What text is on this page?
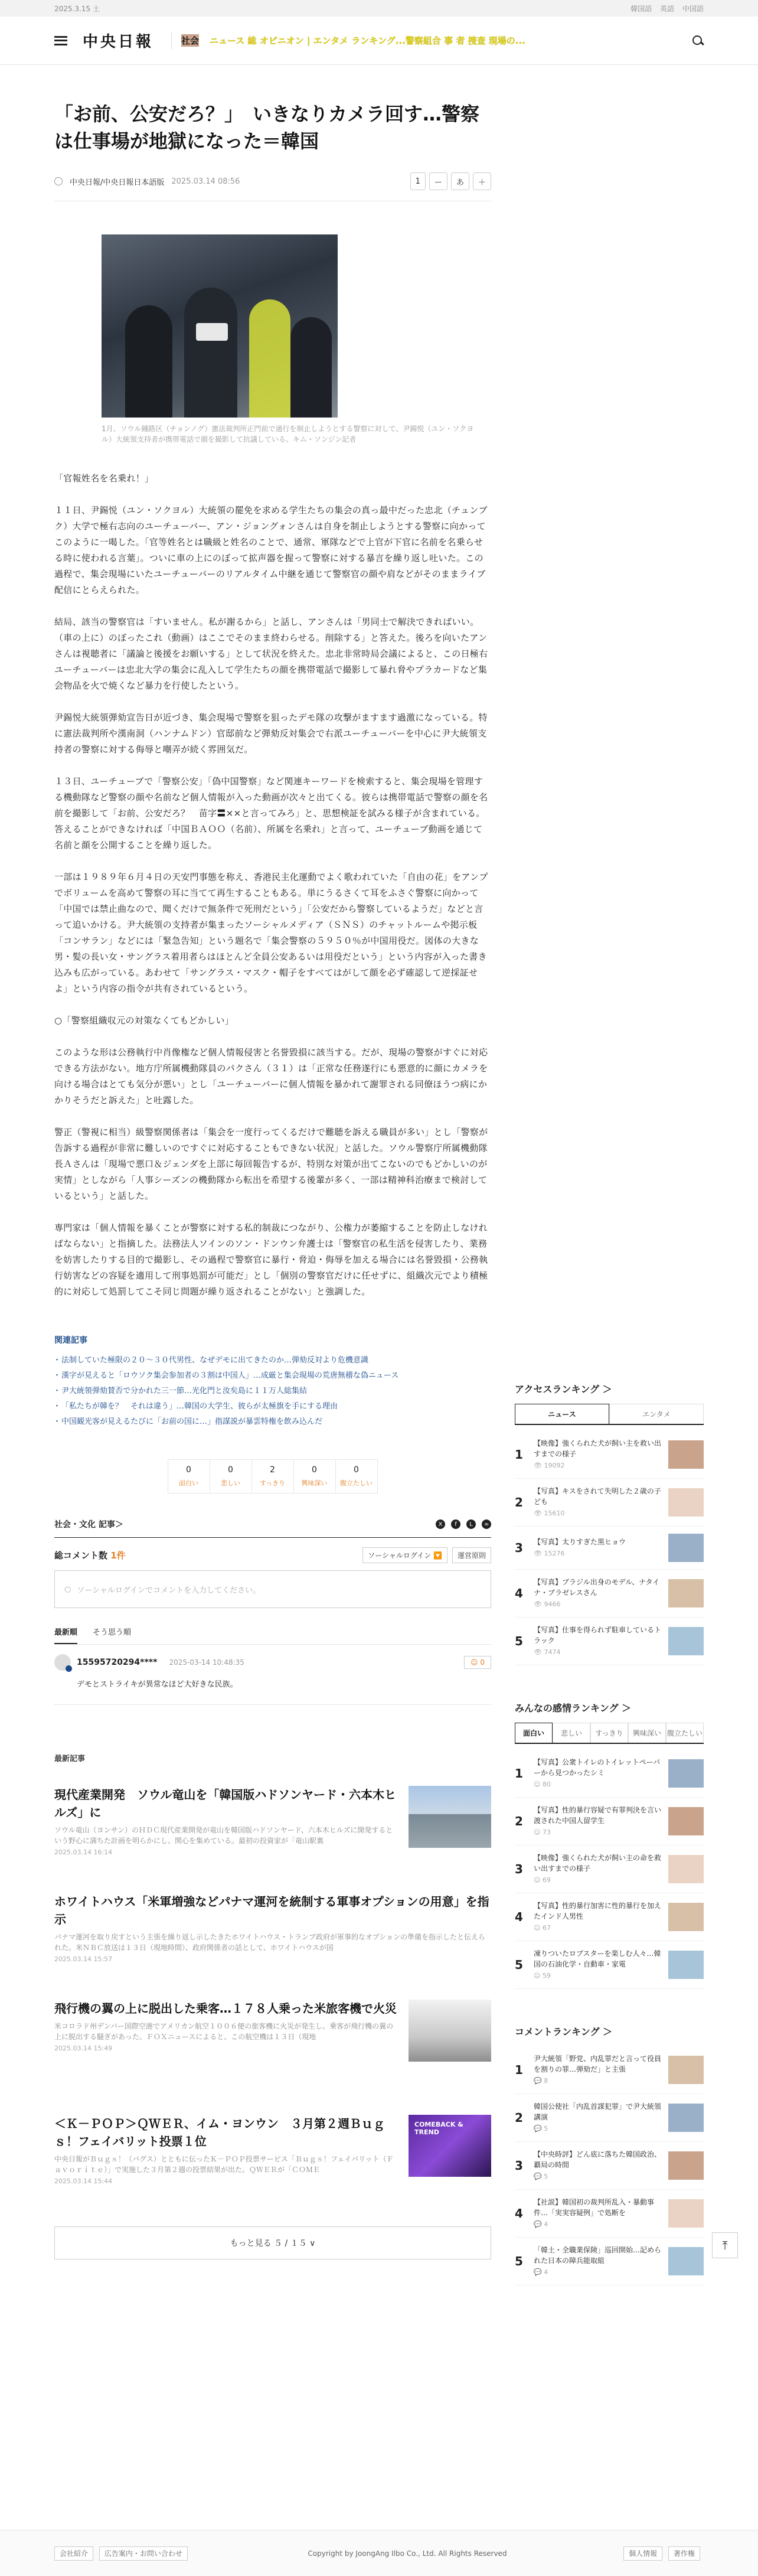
2025.3.15 土	韓国語 英語 中国語
中央日報	社会 ニュース 総 オピニオン | エンタメ ランキング...警察組合 事 者 捜査 現場の...
「お前、公安だろ？」　いきなりカメラ回す…警察は仕事場が地獄になった＝韓国
中央日報/中央日報日本語版 2025.03.14 08:56	1	ー	あ	＋

1月、ソウル鍾路区（チョンノグ）憲法裁判所正門前で通行を制止しようとする警察に対して、尹錫悦（ユン・ソクヨル）大統領支持者が携帯電話で顔を撮影して抗議している。キム・ソンジン記者

「官報姓名を名乗れ！」

１１日、尹錫悦（ユン・ソクヨル）大統領の罷免を求める学生たちの集会の真っ最中だった忠北（チュンブク）大学で極右志向のユーチューバー、アン・ジョングォンさんは自身を制止しようとする警察に向かってこのように一喝した。「官等姓名とは職級と姓名のことで、通常、軍隊などで上官が下官に名前を名乗らせる時に使われる言葉」。ついに車の上にのぼって拡声器を握って警察に対する暴言を繰り返し吐いた。この過程で、集会現場にいたユーチューバーのリアルタイム中継を通じて警察官の顔や肩などがそのままライブ配信にとらえられた。

結局、該当の警察官は「すいません。私が謝るから」と話し、アンさんは「男同士で解決できればいい。（車の上に）のぼったこれ（動画）はここでそのまま終わらせる。削除する」と答えた。後ろを向いたアンさんは視聴者に「議論と後援をお願いする」として状況を終えた。忠北非常時局会議によると、この日極右ユーチューバーは忠北大学の集会に乱入して学生たちの顔を携帯電話で撮影して暴れ脅やプラカードなど集会物品を火で焼くなど暴力を行使したという。

尹錫悦大統領弾劾宣告日が近づき、集会現場で警察を狙ったデモ隊の攻撃がますます過激になっている。特に憲法裁判所や漢南洞（ハンナムドン）官邸前など弾劾反対集会で右派ユーチューバーを中心に尹大統領支持者の警察に対する侮辱と嘲弄が続く雰囲気だ。

１３日、ユーチューブで「警察公安」「偽中国警察」など関連キーワードを検索すると、集会現場を管理する機動隊など警察の顔や名前など個人情報が入った動画が次々と出てくる。彼らは携帯電話で警察の顔を名前を撮影して「お前、公安だろ？　苗字〓××と言ってみろ」と、思想検証を試みる様子が含まれている。答えることができなければ「中国ＢＡＯＯ（名前）、所属を名乗れ」と言って、ユーチューブ動画を通じて名前と顔を公開することを繰り返した。

一部は１９８９年６月４日の天安門事態を称え、香港民主化運動でよく歌われていた「自由の花」をアンプでボリュームを高めて警察の耳に当てて再生することもある。単にうるさくて耳をふさぐ警察に向かって「中国では禁止曲なので、聞くだけで無条件で死刑だという」「公安だから警察しているようだ」などと言って追いかける。尹大統領の支持者が集まったソーシャルメディア（ＳＮＳ）のチャットルームや掲示板「コンサラン」などには「緊急告知」という題名で「集会警察の５９５０％が中国用役だ。図体の大きな男・髪の長い女・サングラス着用者らはほとんど全員公安あるいは用役だという」という内容が入った書き込みも広がっている。あわせて「サングラス・マスク・帽子をすべてはがして顔を必ず確認して逆採証せよ」という内容の指令が共有されているという。

○「警察組織収元の対策なくてもどかしい」

このような形は公務執行中肖像権など個人情報侵害と名誉毀損に該当する。だが、現場の警察がすぐに対応できる方法がない。地方庁所属機動隊員のパクさん（３１）は「正常な任務遂行にも悪意的に顔にカメラを向ける場合はとても気分が悪い」とし「ユーチューバーに個人情報を暴かれて謝罪される同僚ほうつ病にかかりそうだと訴えた」と吐露した。

警正（警視に相当）級警察関係者は「集会を一度行ってくるだけで難聴を訴える職員が多い」とし「警察が告訴する過程が非常に難しいのですぐに対応することもできない状況」と話した。ソウル警察庁所属機動隊長Ａさんは「現場で悪口＆ジェンダを上部に毎回報告するが、特別な対策が出てこないのでもどかしいのが実情」としながら「人事シーズンの機動隊から転出を希望する後輩が多く、一部は精神科治療まで検討しているという」と話した。

専門家は「個人情報を暴くことが警察に対する私的制裁につながり、公権力が萎縮することを防止しなければならない」と指摘した。法務法人ソインのソン・ドンウン弁護士は「警察官の私生活を侵害したり、業務を妨害したりする目的で撮影し、その過程で警察官に暴行・脅迫・侮辱を加える場合には名誉毀損・公務執行妨害などの容疑を適用して刑事処罰が可能だ」とし「個別の警察官だけに任せずに、組織次元でより積極的に対応して処罰してこそ同じ問題が繰り返されることがない」と強調した。

関連記事
・ 法制していた極限の２０～３０代男性、なぜデモに出てきたのか…弾劾反対より危機意識
・ 漢字が見えると「ロウソク集会参加者の３割は中国人」…成厳と集会現場の荒唐無稽な偽ニュース
・ 尹大統領弾劾賛否で分かれた三一節…光化門と汝矣島に１１万人総集結
・ 「私たちが韓を？　それは違う」…韓国の大学生、彼らが太極旗を手にする理由
・ 中国観光客が見えるたびに「お前の国に…」指謀説が暴雲特権を飲み込んだ
0
面白い
0
悲しい
2
すっきり
0
興味深い
0
腹立たしい
社会・文化 記事＞	X	f	L	∞
総コメント数 1件	ソーシャルログイン 🔽	運営原則
○ ソーシャルログインでコメントを入力してください。
最新順 そう思う順
15595720294**** 2025-03-14 10:48:35	☺ 0
デモとストライキが異常なほど大好きな民族。
最新記事
現代産業開発　ソウル竜山を「韓国版ハドソンヤード・六本木ヒルズ」に
ソウル竜山（ヨンサン）のＨＤＣ現代産業開発が竜山を韓国版ハドソンヤード、六本木ヒルズに開発するという野心に満ちた計画を明らかにし、関心を集めている。最初の投資家が「竜山駅裏
2025.03.14 16:14
ホワイトハウス「米軍増強などパナマ運河を統制する軍事オプションの用意」を指示
パナマ運河を取り戻すという主張を繰り返し示したきたホワイトハウス・トランプ政府が軍事的なオプションの準備を指示したと伝えられた。米ＮＢＣ放送は１３日（現地時間）、政府関係者の話として、ホワイトハウスが国
2025.03.14 15:57
飛行機の翼の上に脱出した乗客…１７８人乗った米旅客機で火災
米コロラド州デンバー国際空港でアメリカン航空１００６便の旅客機に火災が発生し、乗客が飛行機の翼の上に脱出する騒ぎがあった。ＦＯＸニュースによると、この航空機は１３日（現地
2025.03.14 15:49
＜Ｋ－ＰＯＰ＞ＱＷＥＲ、イム・ヨンウン　３月第２週Ｂｕｇｓ！フェイバリット投票１位
中央日報がＢｕｇｓ！（バグス）とともに伝ったＫ－ＰＯＰ投票サービス「Ｂｕｇｓ！フェイバリット（Ｆａｖｏｒｉｔｅ）」で実施した３月第２週の投票結果が出た。ＱＷＥＲが「ＣＯＭＥ
2025.03.14 15:44
COMEBACK & TREND
もっと見る ５ / １５ ∨
アクセスランキング ＞
ニュース	エンタメ
1
【映像】強くられた犬が飼い主を救い出すまでの様子
👁 19092
2
【写真】キスをされて失明した２歳の子ども
👁 15610
3	【写真】太りすぎた黒ヒョウ
👁 15276
4
【写真】ブラジル出身のモデル、ナタイナ・ブラゼレスさん
👁 9466
5
【写真】仕事を得られず駐車しているトラック
👁 7474
みんなの感情ランキング ＞
面白い	悲しい	すっきり	興味深い 腹立たしい
1
【写真】公衆トイレのトイレットペーパーから見つかったシミ
☺ 80
2
【写真】性的暴行容疑で有罪判決を言い渡された中国人留学生
☺ 73
3
【映像】強くられた犬が飼い主の命を救い出すまでの様子
☺ 69
4
【写真】性的暴行加害に性的暴行を加えたインド人男性
☺ 67
5
凍りついたロブスターを楽しむ人々…韓国の石油化学・自動車・家電
☺ 59
コメントランキング ＞
1
尹大統領「野党、内乱罪だと言って役員を割りの罪…弾劾だ」と主張
💬 8
2
韓国公使社「内乱首謀犯罪」で尹大統領講演
💬 5
3
【中央時評】どん底に落ちた韓国政治、覇局の時間
💬 5
4
【社説】韓国初の裁判所乱入・暴動事件…「実実容疑例」で処断を
💬 4
5
「韓土・全職業保険」巡回開始…記められた日本の障兵能取組
💬 4
⤒
会社紹介 広告案内・お問い合わせ	Copyright by JoongAng Ilbo Co., Ltd. All Rights Reserved	個人情報 著作権
